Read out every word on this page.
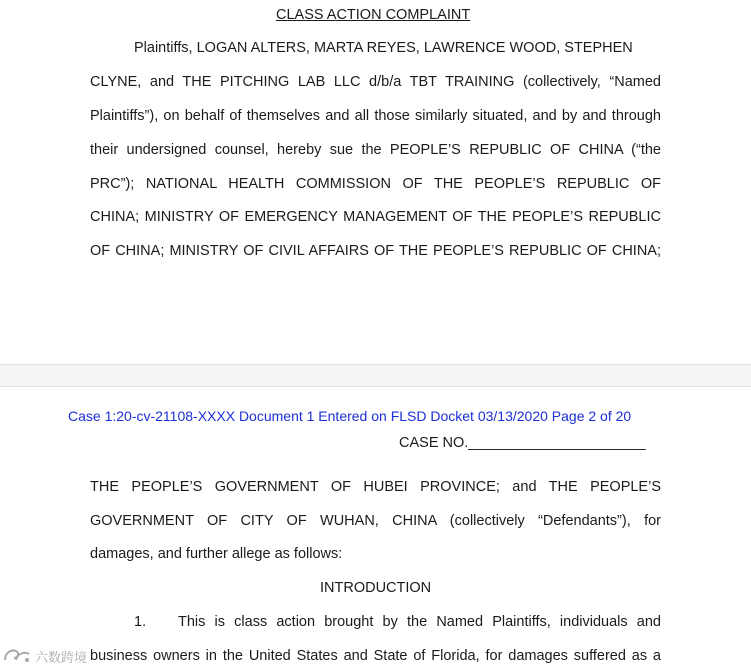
CLASS ACTION COMPLAINT
Plaintiffs, LOGAN ALTERS, MARTA REYES, LAWRENCE WOOD, STEPHEN
CLYNE, and THE PITCHING LAB LLC d/b/a TBT TRAINING (collectively, “Named
Plaintiffs”), on behalf of themselves and all those similarly situated, and by and through
their undersigned counsel, hereby sue the PEOPLE’S REPUBLIC OF CHINA (“the
PRC”); NATIONAL HEALTH COMMISSION OF THE PEOPLE’S REPUBLIC OF
CHINA; MINISTRY OF EMERGENCY MANAGEMENT OF THE PEOPLE’S REPUBLIC
OF CHINA; MINISTRY OF CIVIL AFFAIRS OF THE PEOPLE’S REPUBLIC OF CHINA;
Case 1:20-cv-21108-XXXX Document 1 Entered on FLSD Docket 03/13/2020 Page 2 of 20
CASE NO.______________________
THE PEOPLE’S GOVERNMENT OF HUBEI PROVINCE; and THE PEOPLE’S
GOVERNMENT OF CITY OF WUHAN, CHINA (collectively “Defendants”), for
damages, and further allege as follows:
INTRODUCTION
1. This is class action brought by the Named Plaintiffs, individuals and
business owners in the United States and State of Florida, for damages suffered as a
六数跨境
